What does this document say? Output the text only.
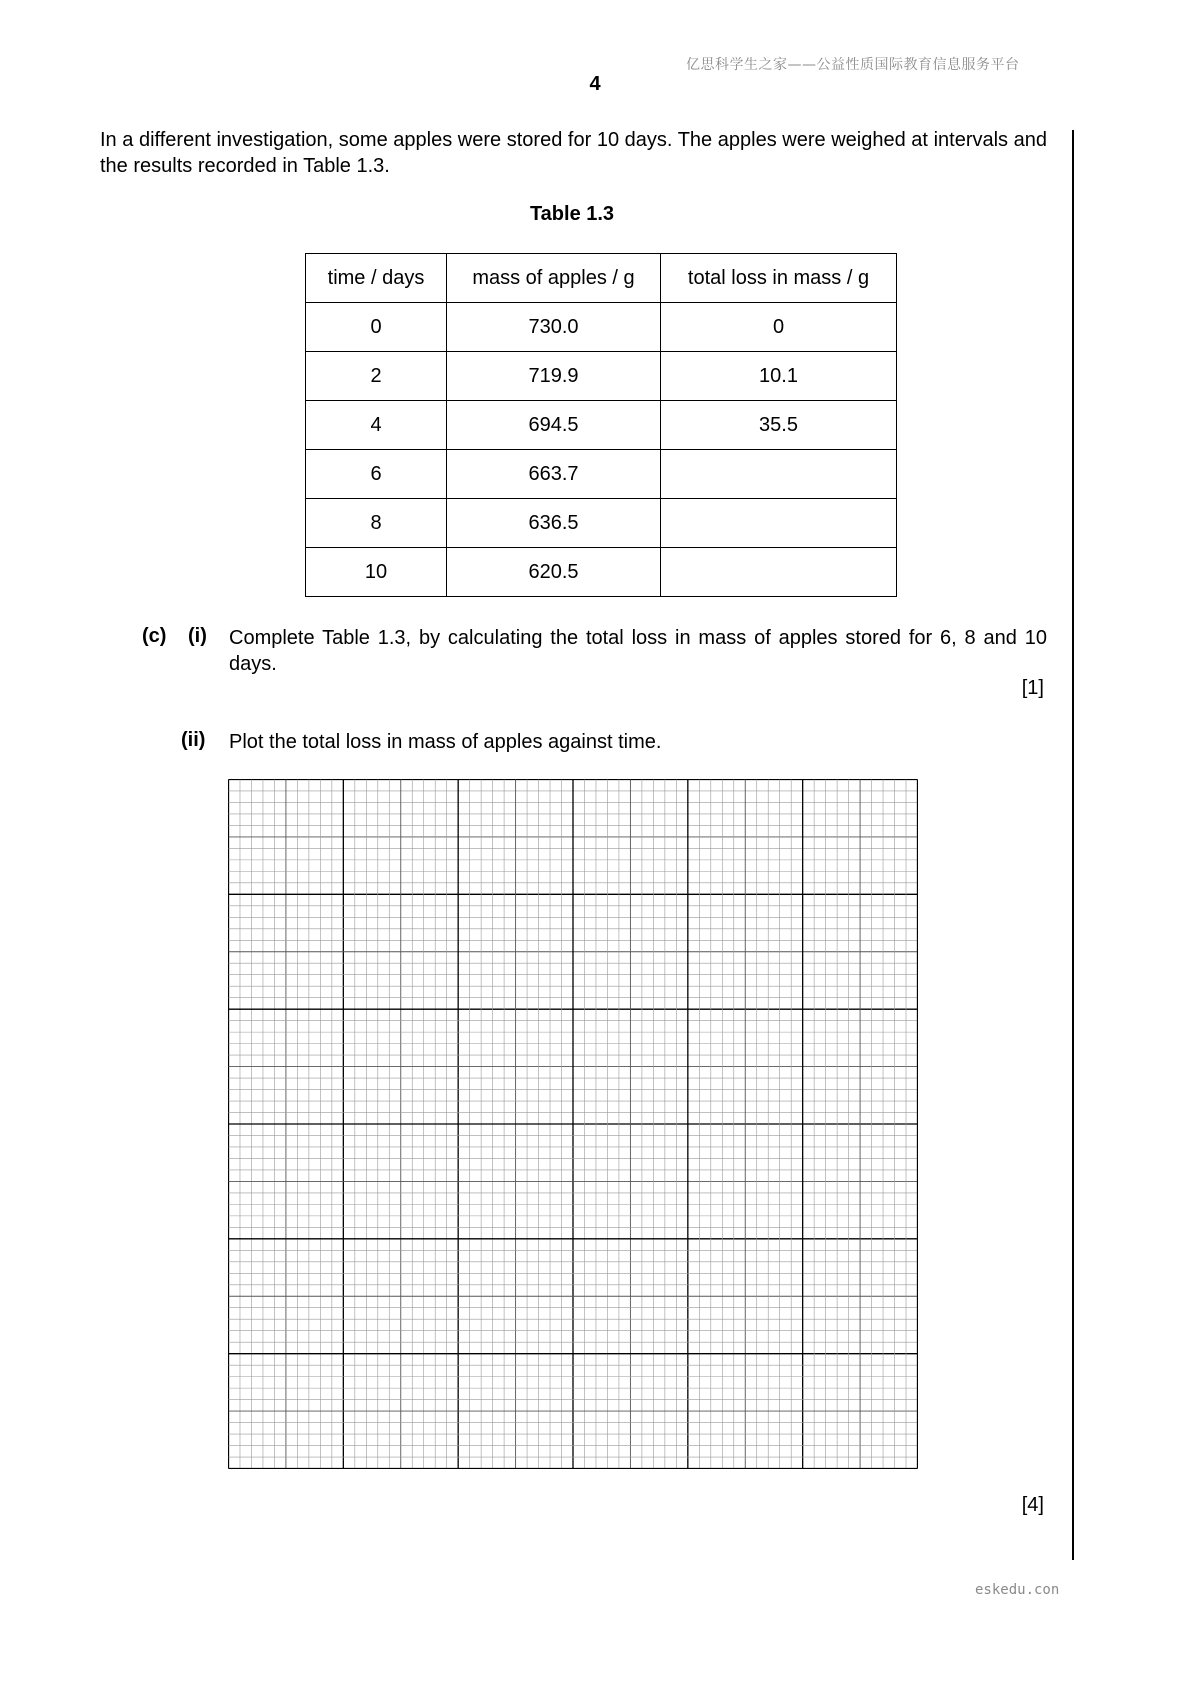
亿思科学生之家——公益性质国际教育信息服务平台
4
In a different investigation, some apples were stored for 10 days. The apples were weighed at intervals and the results recorded in Table 1.3.
Table 1.3
time / days	mass of apples / g	total loss in mass / g
0	730.0	0
2	719.9	10.1
4	694.5	35.5
6	663.7	
8	636.5	
10	620.5	
(c) (i) Complete Table 1.3, by calculating the total loss in mass of apples stored for 6, 8 and 10 days.
[1]
(ii) Plot the total loss in mass of apples against time.
[4]
eskedu.con
